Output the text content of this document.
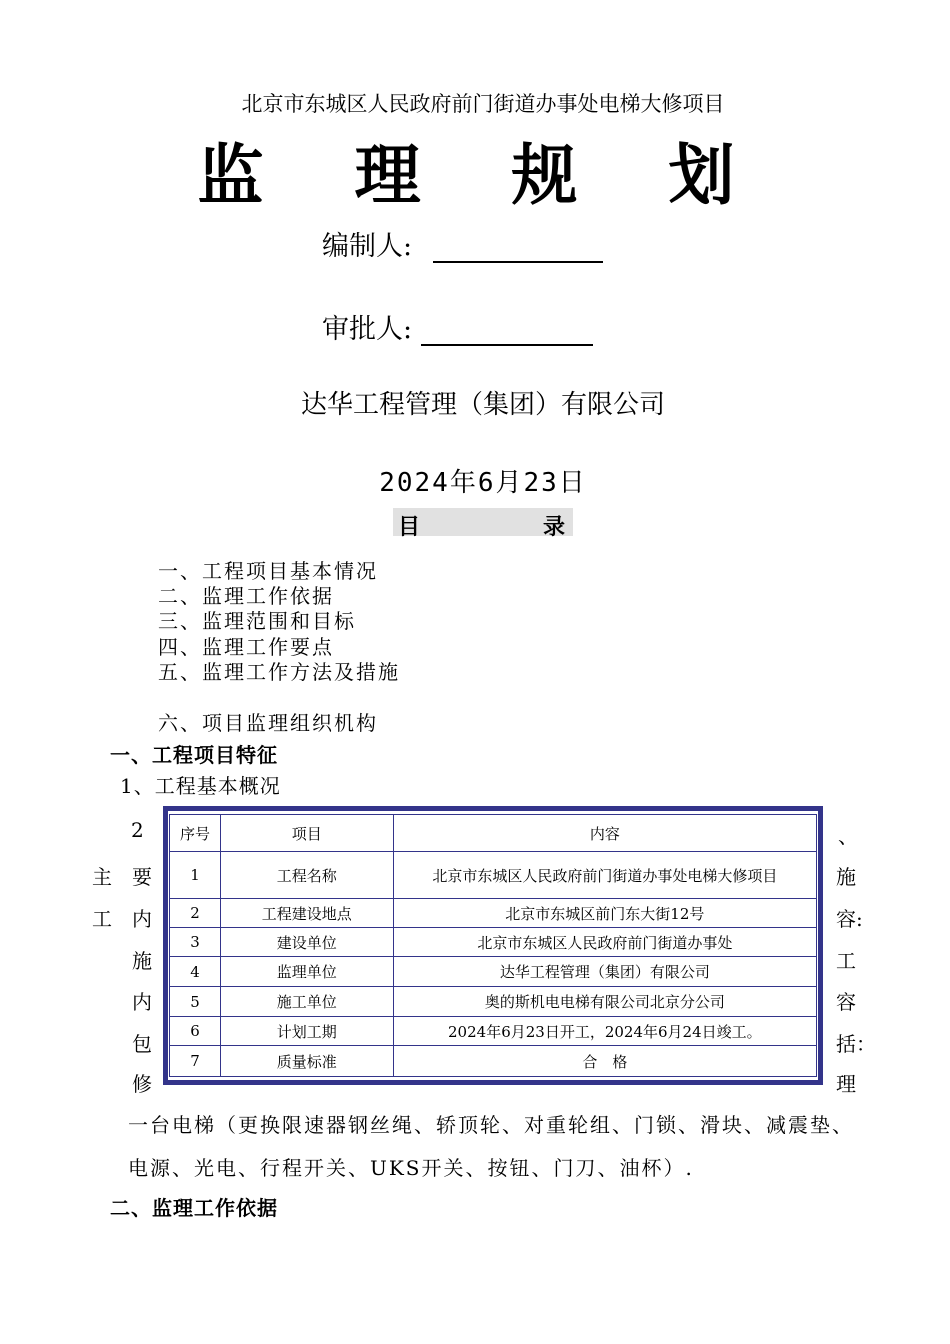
北京市东城区人民政府前门街道办事处电梯大修项目
监 理 规 划
编制人:
审批人:
达华工程管理（集团）有限公司
2024年6月23日
目	录
一、工程项目基本情况
二、监理工作依据
三、监理范围和目标
四、监理工作要点
五、监理工作方法及措施
六、项目监理组织机构
一、工程项目特征
1、工程基本概况
2
主 要
工 内
施
内
包
修
、
施
容:
工
容
括：
理
序号	项目	内容
1	工程名称	北京市东城区人民政府前门街道办事处电梯大修项目
2	工程建设地点	北京市东城区前门东大街12号
3	建设单位	北京市东城区人民政府前门街道办事处
4	监理单位	达华工程管理（集团）有限公司
5	施工单位	奥的斯机电电梯有限公司北京分公司
6	计划工期	2024年6月23日开工，2024年6月24日竣工。
7	质量标准	合　格
一台电梯（更换限速器钢丝绳、轿顶轮、对重轮组、门锁、滑块、减震垫、
电源、光电、行程开关、UKS开关、按钮、门刀、油杯）.
二、监理工作依据
